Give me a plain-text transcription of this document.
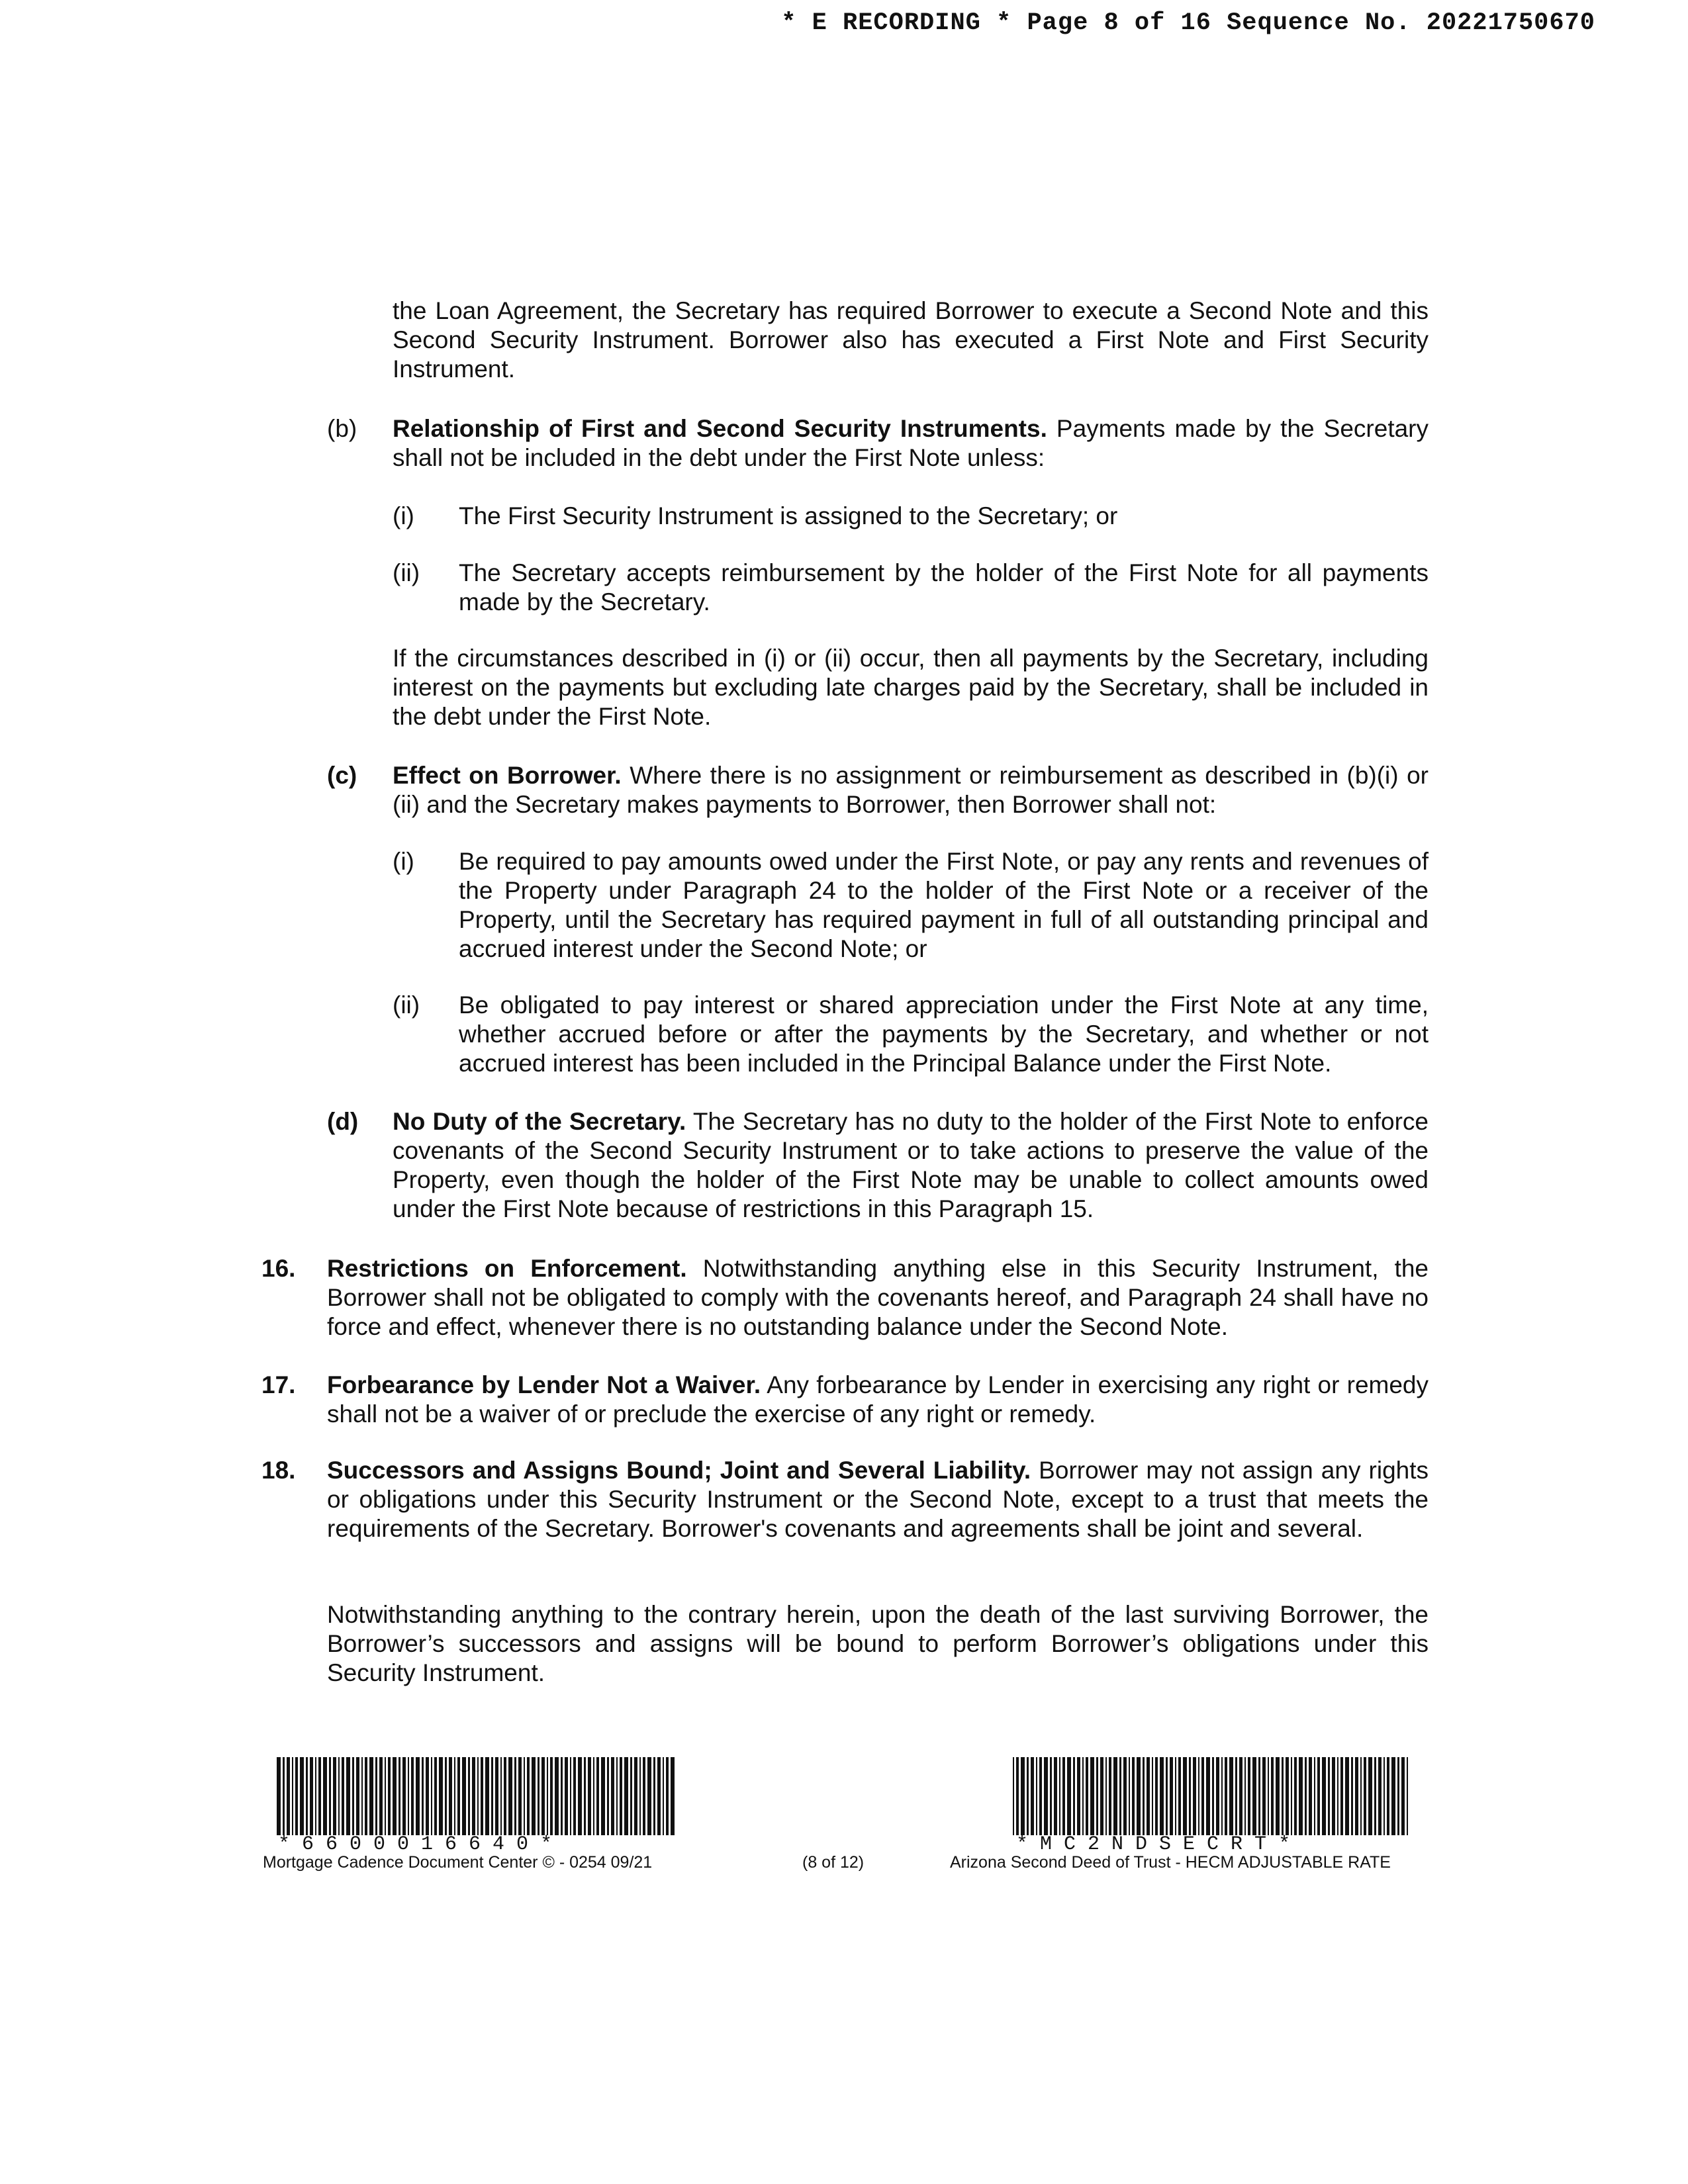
* E RECORDING * Page 8 of 16 Sequence No. 20221750670
the Loan Agreement, the Secretary has required Borrower to execute a Second Note and this Second Security Instrument. Borrower also has executed a First Note and First Security Instrument.
(b) Relationship of First and Second Security Instruments. Payments made by the Secretary shall not be included in the debt under the First Note unless:
(i) The First Security Instrument is assigned to the Secretary; or
(ii) The Secretary accepts reimbursement by the holder of the First Note for all payments made by the Secretary.
If the circumstances described in (i) or (ii) occur, then all payments by the Secretary, including interest on the payments but excluding late charges paid by the Secretary, shall be included in the debt under the First Note.
(c) Effect on Borrower. Where there is no assignment or reimbursement as described in (b)(i) or (ii) and the Secretary makes payments to Borrower, then Borrower shall not:
(i) Be required to pay amounts owed under the First Note, or pay any rents and revenues of the Property under Paragraph 24 to the holder of the First Note or a receiver of the Property, until the Secretary has required payment in full of all outstanding principal and accrued interest under the Second Note; or
(ii) Be obligated to pay interest or shared appreciation under the First Note at any time, whether accrued before or after the payments by the Secretary, and whether or not accrued interest has been included in the Principal Balance under the First Note.
(d) No Duty of the Secretary. The Secretary has no duty to the holder of the First Note to enforce covenants of the Second Security Instrument or to take actions to preserve the value of the Property, even though the holder of the First Note may be unable to collect amounts owed under the First Note because of restrictions in this Paragraph 15.
16. Restrictions on Enforcement. Notwithstanding anything else in this Security Instrument, the Borrower shall not be obligated to comply with the covenants hereof, and Paragraph 24 shall have no force and effect, whenever there is no outstanding balance under the Second Note.
17. Forbearance by Lender Not a Waiver. Any forbearance by Lender in exercising any right or remedy shall not be a waiver of or preclude the exercise of any right or remedy.
18. Successors and Assigns Bound; Joint and Several Liability. Borrower may not assign any rights or obligations under this Security Instrument or the Second Note, except to a trust that meets the requirements of the Secretary. Borrower's covenants and agreements shall be joint and several.
Notwithstanding anything to the contrary herein, upon the death of the last surviving Borrower, the Borrower’s successors and assigns will be bound to perform Borrower’s obligations under this Security Instrument.
* 6 6 0 0 0 1 6 6 4 0 *
Mortgage Cadence Document Center © - 0254 09/21	(8 of 12)
* M C 2 N D S E C R T *
Arizona Second Deed of Trust - HECM ADJUSTABLE RATE
